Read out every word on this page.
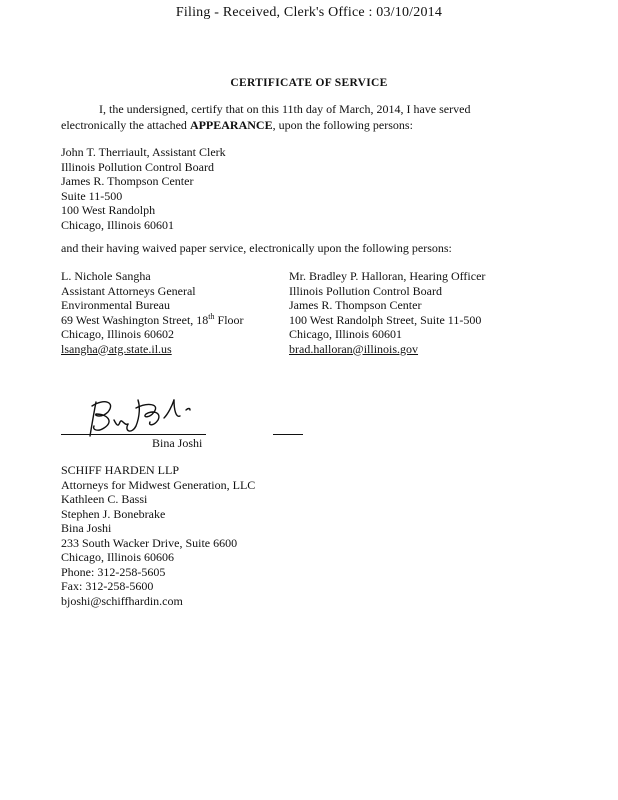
Filing - Received, Clerk's Office : 03/10/2014
CERTIFICATE OF SERVICE
I, the undersigned, certify that on this 11th day of March, 2014, I have served
electronically the attached APPEARANCE, upon the following persons:
John T. Therriault, Assistant Clerk
Illinois Pollution Control Board
James R. Thompson Center
Suite 11-500
100 West Randolph
Chicago, Illinois 60601
and their having waived paper service, electronically upon the following persons:
L. Nichole Sangha
Assistant Attorneys General
Environmental Bureau
69 West Washington Street, 18th Floor
Chicago, Illinois 60602
lsangha@atg.state.il.us
Mr. Bradley P. Halloran, Hearing Officer
Illinois Pollution Control Board
James R. Thompson Center
100 West Randolph Street, Suite 11-500
Chicago, Illinois 60601
brad.halloran@illinois.gov
Bina Joshi
SCHIFF HARDEN LLP
Attorneys for Midwest Generation, LLC
Kathleen C. Bassi
Stephen J. Bonebrake
Bina Joshi
233 South Wacker Drive, Suite 6600
Chicago, Illinois 60606
Phone: 312-258-5605
Fax: 312-258-5600
bjoshi@schiffhardin.com
